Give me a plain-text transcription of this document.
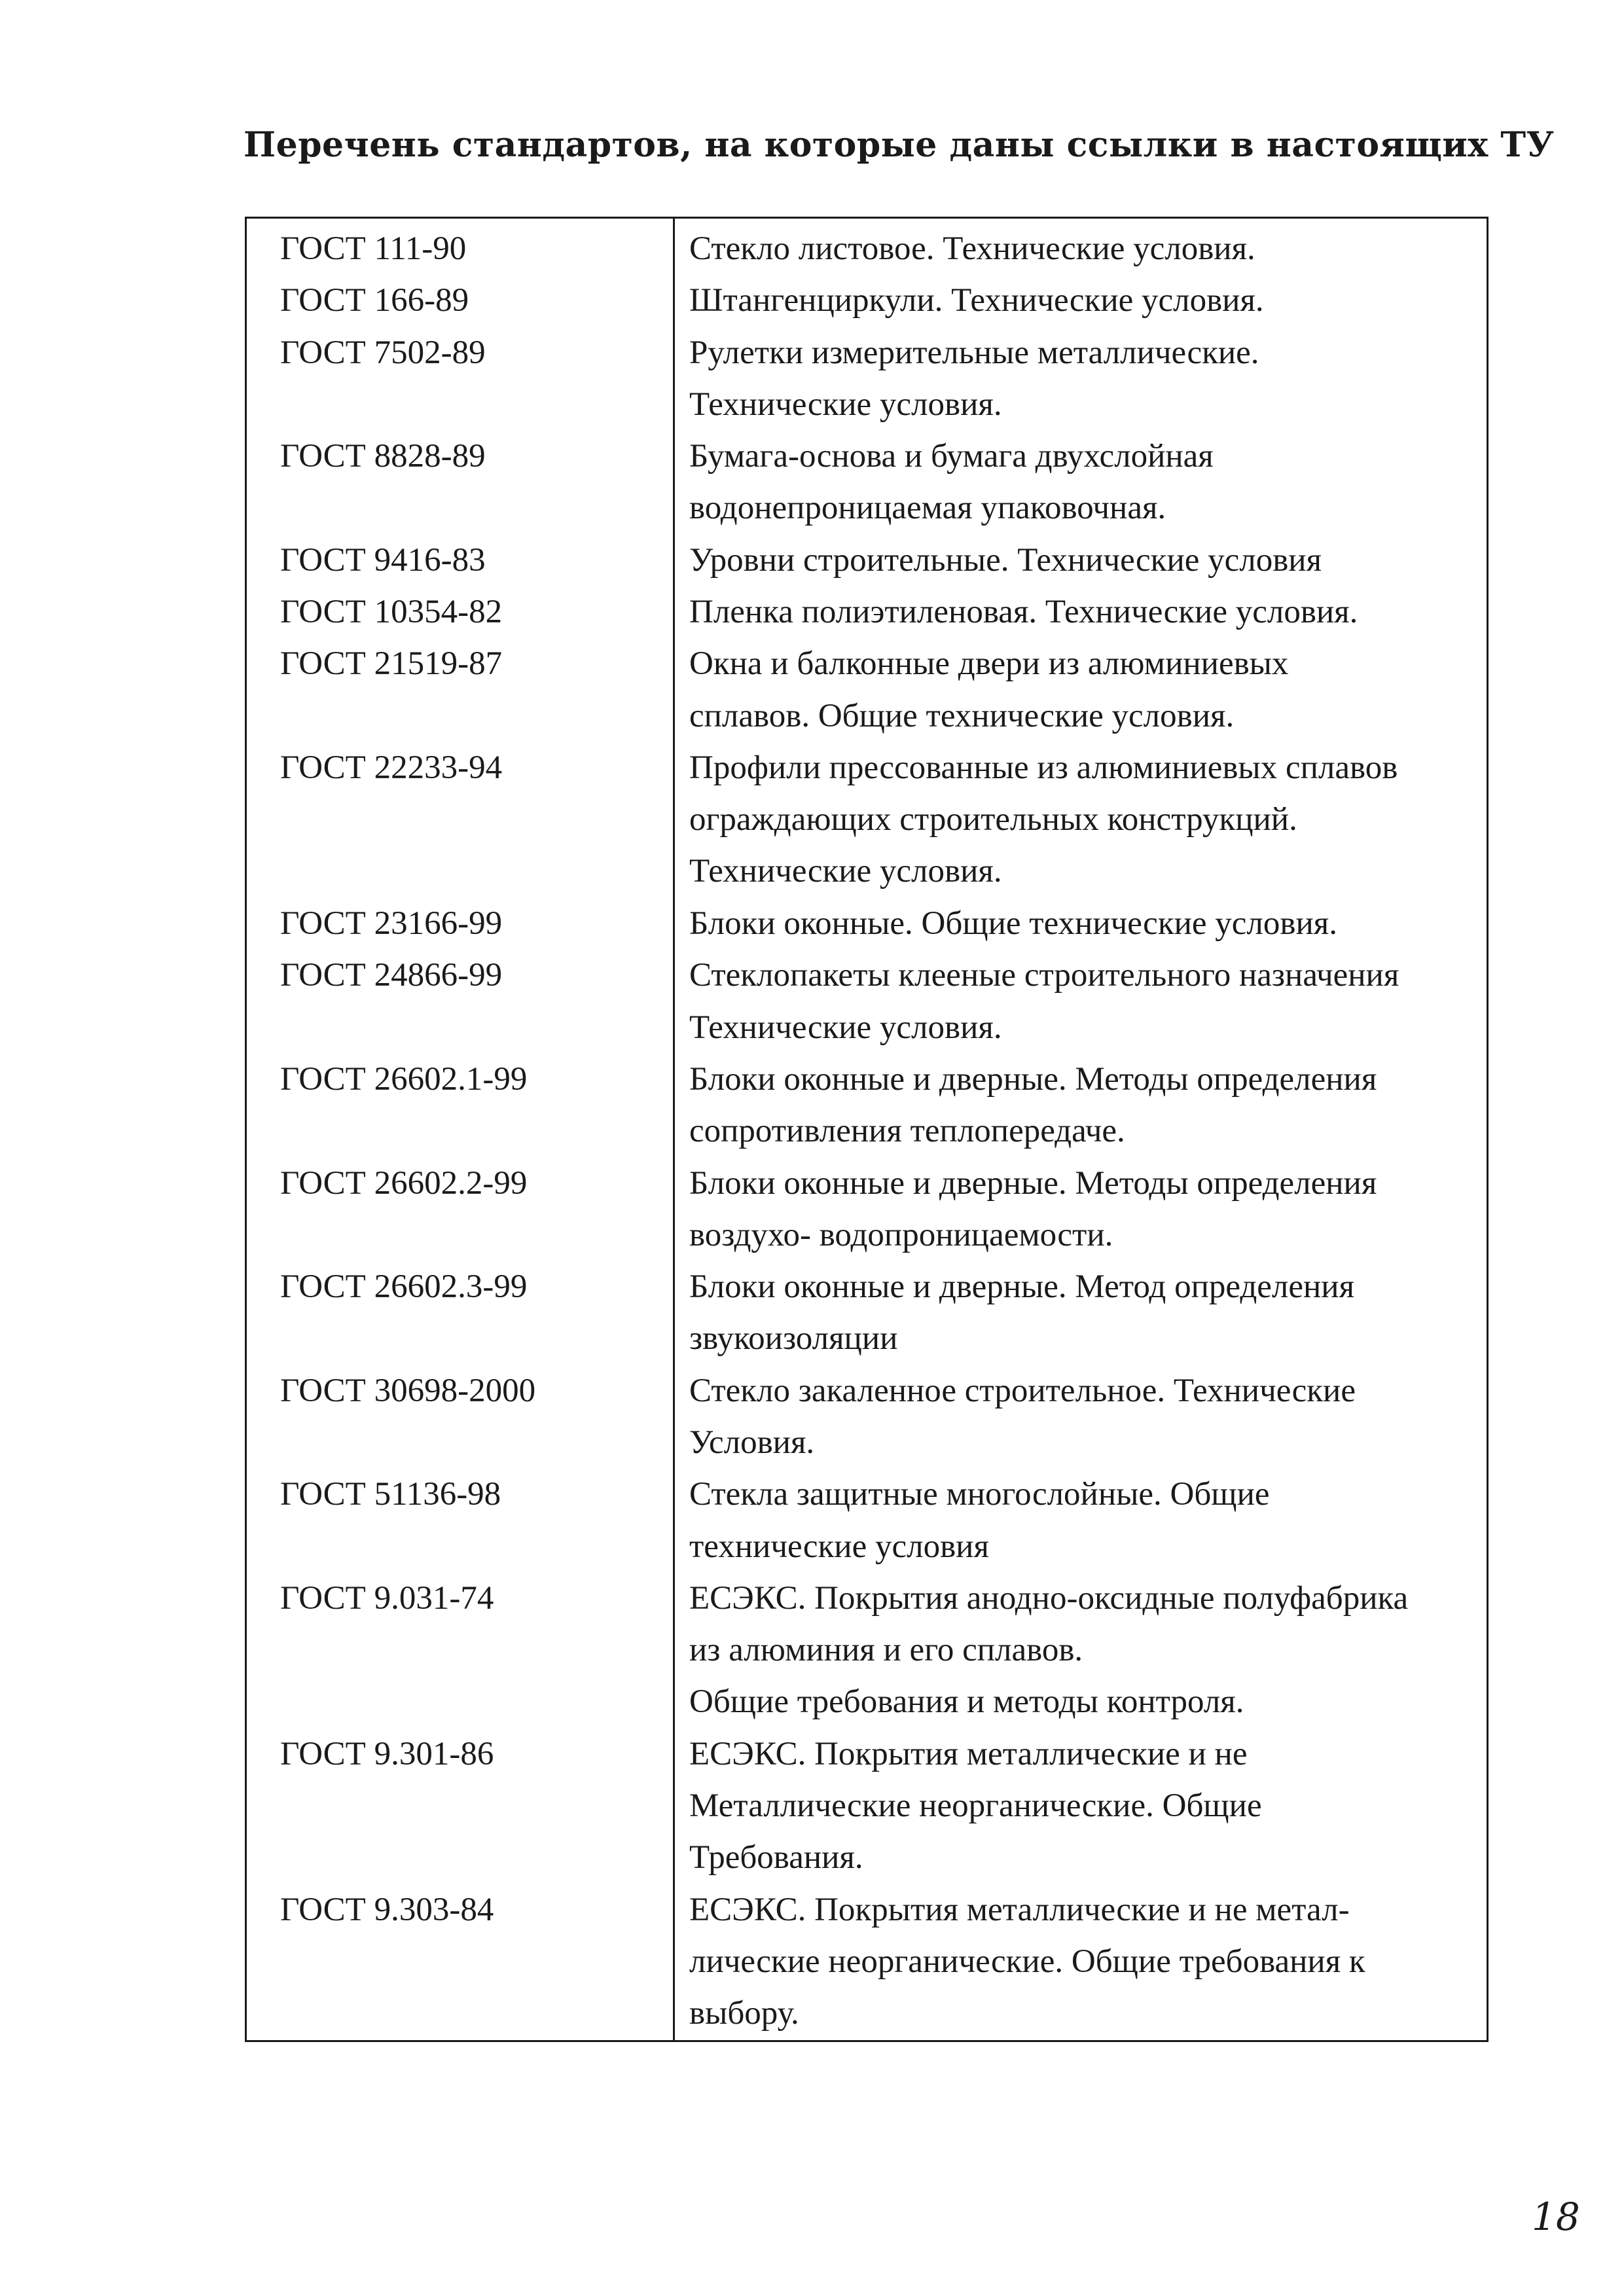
Перечень стандартов, на которые даны ссылки в настоящих ТУ
ГОСТ 111-90	Стекло листовое. Технические условия.

ГОСТ 166-89	Штангенциркули. Технические условия.

ГОСТ 7502-89	Рулетки измерительные металлические.
Технические условия.

ГОСТ 8828-89	Бумага-основа и бумага двухслойная
водонепроницаемая упаковочная.

ГОСТ 9416-83	Уровни строительные. Технические условия

ГОСТ 10354-82	Пленка полиэтиленовая. Технические условия.

ГОСТ 21519-87	Окна и балконные двери из алюминиевых
сплавов. Общие технические условия.

ГОСТ 22233-94	Профили прессованные из алюминиевых сплавов
ограждающих строительных конструкций.
Технические условия.

ГОСТ 23166-99	Блоки оконные. Общие технические условия.

ГОСТ 24866-99	Стеклопакеты клееные строительного назначения
Технические условия.

ГОСТ 26602.1-99	Блоки оконные и дверные. Методы определения
сопротивления теплопередаче.

ГОСТ 26602.2-99	Блоки оконные и дверные. Методы определения
воздухо- водопроницаемости.

ГОСТ 26602.3-99	Блоки оконные и дверные. Метод определения
звукоизоляции

ГОСТ 30698-2000	Стекло закаленное строительное. Технические
Условия.

ГОСТ 51136-98	Стекла защитные многослойные. Общие
технические условия

ГОСТ 9.031-74	ЕСЭКС. Покрытия анодно-оксидные полуфабрика
из алюминия и его сплавов.
Общие требования и методы контроля.

ГОСТ 9.301-86	ЕСЭКС. Покрытия металлические и не
Металлические неорганические. Общие
Требования.

ГОСТ 9.303-84	ЕСЭКС. Покрытия металлические и не метал-
лические неорганические. Общие требования к
выбору.
18
